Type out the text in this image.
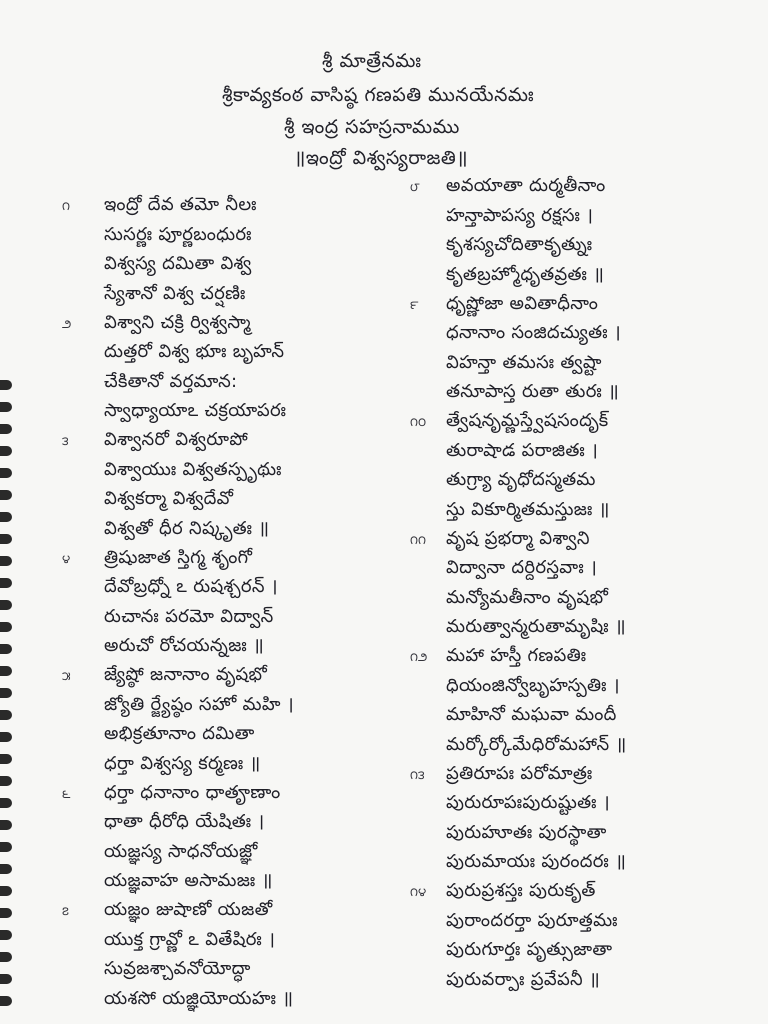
శ్రీ మాత్రేనమః
శ్రీకావ్యకంఠ వాసిష్ఠ గణపతి మునయేనమః
శ్రీ ఇంద్ర సహస్రనామము
॥ఇంద్రో విశ్వస్యరాజతి॥
౧ ఇంద్రో దేవ తమో నీలః
సుసర్ణః పూర్ణబంధురః
విశ్వస్య దమితా విశ్వ
స్యేశానో విశ్వ చర్షణిః
౨ విశ్వాని చక్రి ర్విశ్వస్మా
దుత్తరో విశ్వ భూః బృహన్
చేకితానో వర్తమాన:
స్వాధ్యాయాఽ చక్రయాపరః
౩ విశ్వానరో విశ్వరూపో
విశ్వాయుః విశ్వతస్పృథుః
విశ్వకర్మా విశ్వదేవో
విశ్వతో ధీర నిష్కృతః ॥
౪ త్రిషుజాత స్తిగ్మ శృంగో
దేవోబ్రధ్నో ఽ రుషశ్చరన్ ।
రుచానః పరమో విద్వాన్
అరుచో రోచయన్నజః ॥
౫ జ్యేష్ఠో జనానాం వృషభో
జ్యోతి ర్జ్యేష్ఠం సహో మహి ।
అభిక్రతూనాం దమితా
ధర్తా విశ్వస్య కర్మణః ॥
౬ ధర్తా ధనానాం ధాతౄణాం
ధాతా ధీరోధి యేషితః ।
యజ్ఞస్య సాధనోయజ్ఞో
యజ్ఞవాహ అసామజః ॥
౭ యజ్ఞం జుషాణో యజతో
యుక్త గ్రావ్ణో ఽ వితేషిరః ।
సువ్రజశ్చావనోయోద్ధా
యశసో యజ్ఞియోయహః ॥
౮ అవయాతా దుర్మతీనాం
హన్తాపాపస్య రక్షసః ।
కృశస్యచోదితాకృత్నుః
కృతబ్రహ్మోధృతవ్రతః ॥
౯ ధృష్ణోజా అవితాధీనాం
ధనానాం సంజిదచ్యుతః ।
విహన్తా తమసః త్వష్టా
తనూపాస్త రుతా తురః ॥
౧౦ త్వేషనృమ్ణస్త్వేషసందృక్
తురాషాడ పరాజితః ।
తుగ్ర్యా వృధోదస్మతమ
స్తు వికూర్మితమస్తుజః ॥
౧౧ వృష ప్రభర్మా విశ్వాని
విద్వానా దర్దిరస్తవాః ।
మన్యోమతీనాం వృషభో
మరుత్వాన్మరుతామృషిః ॥
౧౨ మహా హస్తీ గణపతిః
ధియంజిన్వోబృహస్పతిః ।
మాహినో మఘవా మందీ
మర్కోర్కోమేధిరోమహాన్ ॥
౧౩ ప్రతిరూపః పరోమాత్రః
పురురూపఃపురుష్టుతః ।
పురుహూతః పురస్థాతా
పురుమాయః పురందరః ॥
౧౪ పురుప్రశస్తః పురుకృత్
పురాందరర్తా పురూత్తమః
పురుగూర్తః పృత్సుజాతా
పురువర్పాః ప్రవేపనీ ॥
